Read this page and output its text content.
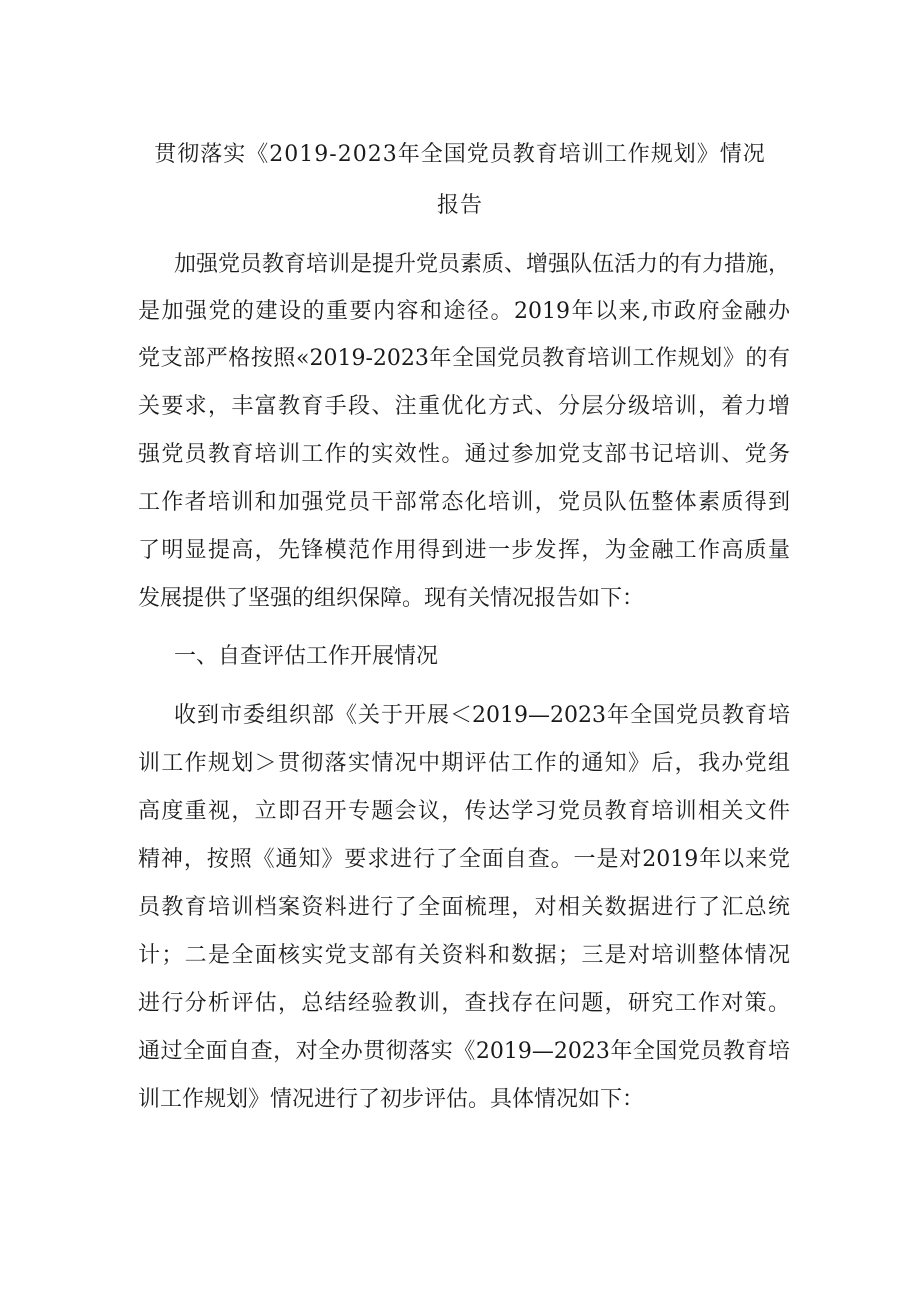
贯彻落实《2019-2023年全国党员教育培训工作规划》情况
报告
加强党员教育培训是提升党员素质、增强队伍活力的有力措施，
是加强党的建设的重要内容和途径。2019年以来,市政府金融办
党支部严格按照«2019-2023年全国党员教育培训工作规划》的有
关要求，丰富教育手段、注重优化方式、分层分级培训，着力增
强党员教育培训工作的实效性。通过参加党支部书记培训、党务
工作者培训和加强党员干部常态化培训，党员队伍整体素质得到
了明显提高，先锋模范作用得到进一步发挥，为金融工作高质量
发展提供了坚强的组织保障。现有关情况报告如下：
一、自查评估工作开展情况
收到市委组织部《关于开展＜2019—2023年全国党员教育培
训工作规划＞贯彻落实情况中期评估工作的通知》后，我办党组
高度重视，立即召开专题会议，传达学习党员教育培训相关文件
精神，按照《通知》要求进行了全面自查。一是对2019年以来党
员教育培训档案资料进行了全面梳理，对相关数据进行了汇总统
计；二是全面核实党支部有关资料和数据；三是对培训整体情况
进行分析评估，总结经验教训，查找存在问题，研究工作对策。
通过全面自查，对全办贯彻落实《2019—2023年全国党员教育培
训工作规划》情况进行了初步评估。具体情况如下：
